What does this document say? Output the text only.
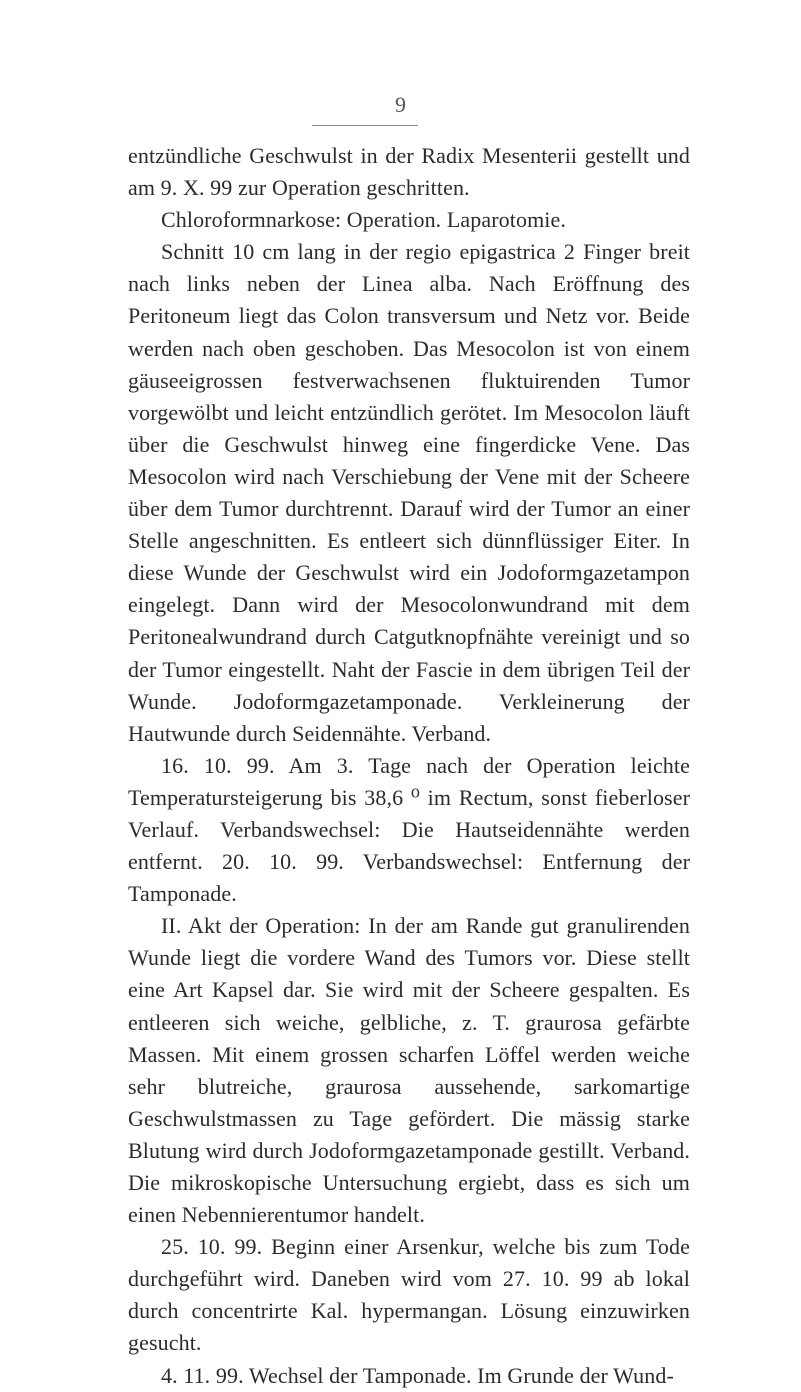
9

entzündliche Geschwulst in der Radix Mesenterii gestellt und am 9. X. 99 zur Operation geschritten.

Chloroformnarkose: Operation. Laparotomie.

Schnitt 10 cm lang in der regio epigastrica 2 Finger breit nach links neben der Linea alba. Nach Eröffnung des Peritoneum liegt das Colon transversum und Netz vor. Beide werden nach oben geschoben. Das Mesocolon ist von einem gäuseeigrossen festverwachsenen fluktuirenden Tumor vorgewölbt und leicht entzündlich gerötet. Im Mesocolon läuft über die Geschwulst hinweg eine fingerdicke Vene. Das Mesocolon wird nach Verschiebung der Vene mit der Scheere über dem Tumor durchtrennt. Darauf wird der Tumor an einer Stelle angeschnitten. Es entleert sich dünnflüssiger Eiter. In diese Wunde der Geschwulst wird ein Jodoformgazetampon eingelegt. Dann wird der Mesocolonwundrand mit dem Peritonealwundrand durch Catgutknopfnähte vereinigt und so der Tumor eingestellt. Naht der Fascie in dem übrigen Teil der Wunde. Jodoformgazetamponade. Verkleinerung der Hautwunde durch Seidennähte. Verband.

16. 10. 99. Am 3. Tage nach der Operation leichte Temperatursteigerung bis 38,6 ⁰ im Rectum, sonst fieberloser Verlauf. Verbandswechsel: Die Hautseidennähte werden entfernt. 20. 10. 99. Verbandswechsel: Entfernung der Tamponade.

II. Akt der Operation: In der am Rande gut granulirenden Wunde liegt die vordere Wand des Tumors vor. Diese stellt eine Art Kapsel dar. Sie wird mit der Scheere gespalten. Es entleeren sich weiche, gelbliche, z. T. graurosa gefärbte Massen. Mit einem grossen scharfen Löffel werden weiche sehr blutreiche, graurosa aussehende, sarkomartige Geschwulstmassen zu Tage gefördert. Die mässig starke Blutung wird durch Jodoformgazetamponade gestillt. Verband. Die mikroskopische Untersuchung ergiebt, dass es sich um einen Nebennierentumor handelt.

25. 10. 99. Beginn einer Arsenkur, welche bis zum Tode durchgeführt wird. Daneben wird vom 27. 10. 99 ab lokal durch concentrirte Kal. hypermangan. Lösung einzuwirken gesucht.

4. 11. 99. Wechsel der Tamponade. Im Grunde der Wund-
